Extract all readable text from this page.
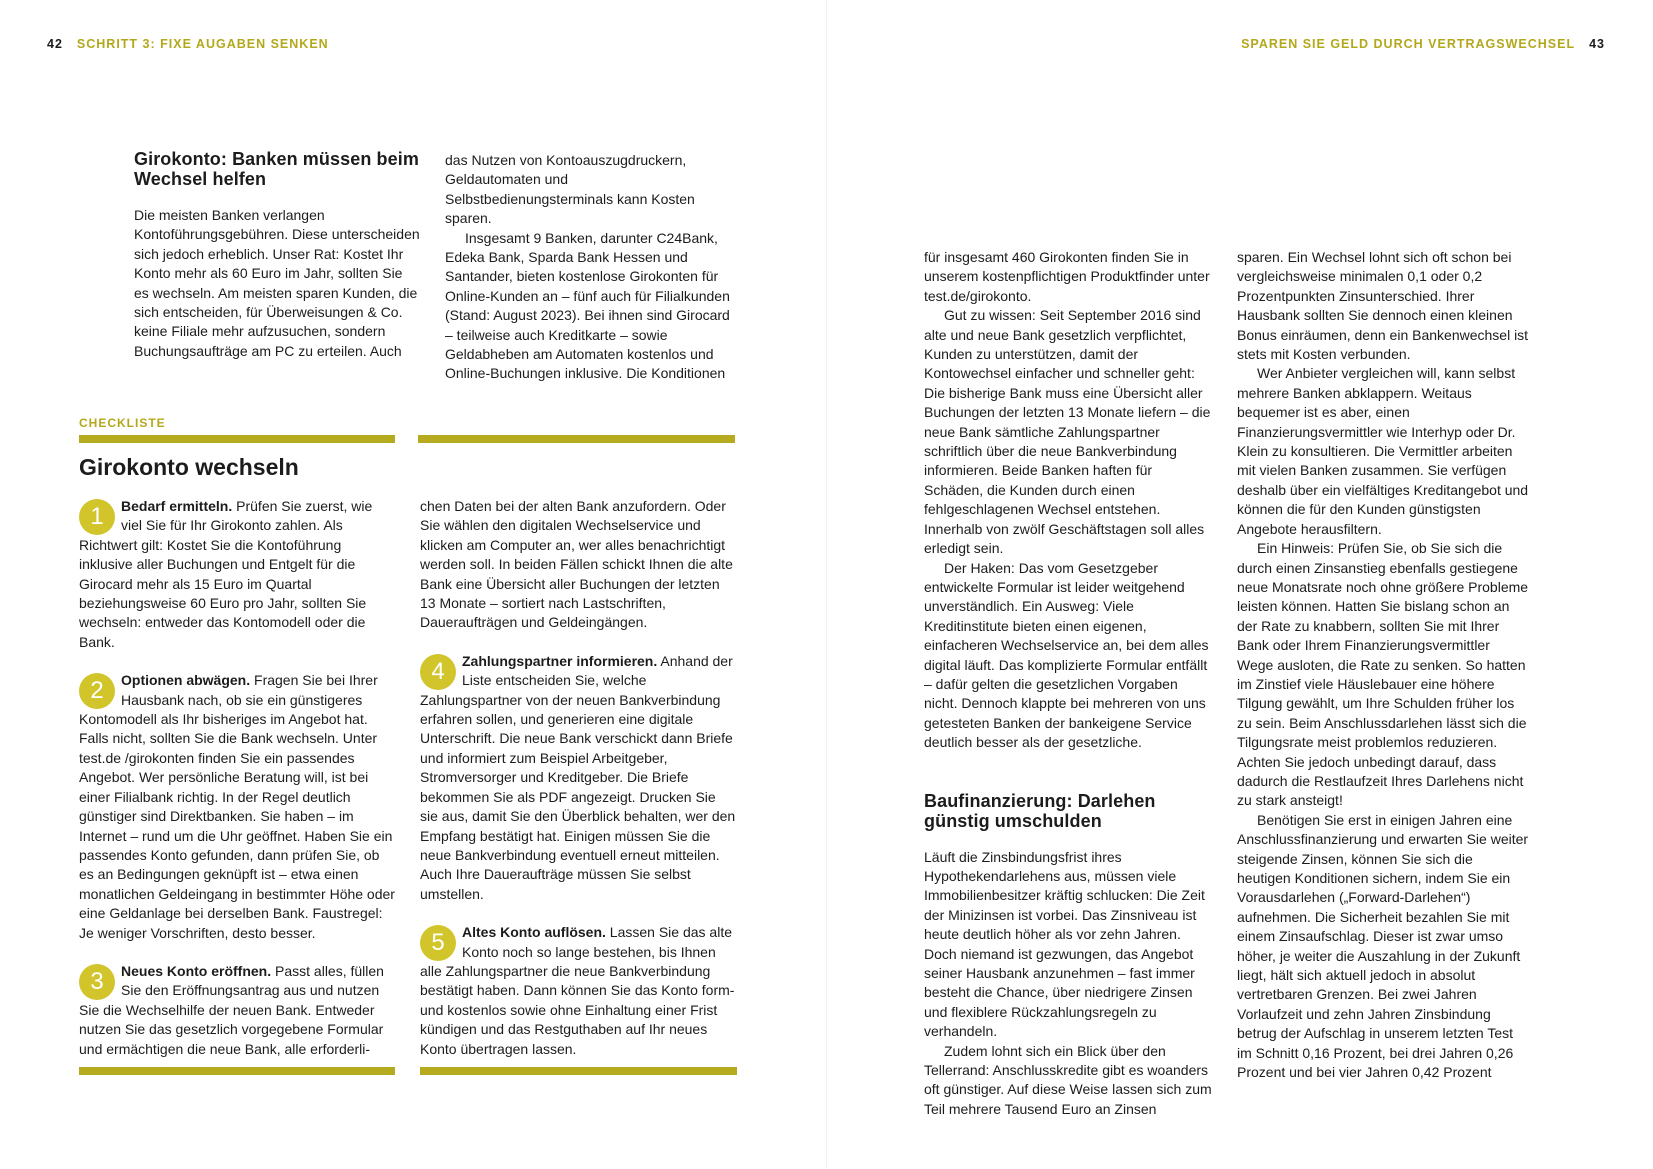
42 SCHRITT 3: FIXE AUGABEN SENKEN
Girokonto: Banken müssen beim Wechsel helfen

Die meisten Banken verlangen Kontoführungsgebühren. Diese unterscheiden sich jedoch erheblich. Unser Rat: Kostet Ihr Konto mehr als 60 Euro im Jahr, sollten Sie es wechseln. Am meisten sparen Kunden, die sich entscheiden, für Überweisungen & Co. keine Filiale mehr aufzusuchen, sondern Buchungsaufträge am PC zu erteilen. Auch

das Nutzen von Kontoauszugdruckern, Geldautomaten und Selbstbedienungsterminals kann Kosten sparen.

Insgesamt 9 Banken, darunter C24Bank, Edeka Bank, Sparda Bank Hessen und Santander, bieten kostenlose Girokonten für Online-Kunden an – fünf auch für Filialkunden (Stand: August 2023). Bei ihnen sind Girocard – teilweise auch Kreditkarte – sowie Geldabheben am Automaten kostenlos und Online-Buchungen inklusive. Die Konditionen

CHECKLISTE
Girokonto wechseln
1	Bedarf ermitteln. Prüfen Sie zuerst, wie viel Sie für Ihr Girokonto zahlen. Als Richtwert gilt: Kostet Sie die Kontoführung inklusive aller Buchungen und Entgelt für die Girocard mehr als 15 Euro im Quartal beziehungsweise 60 Euro pro Jahr, sollten Sie wechseln: entweder das Kontomodell oder die Bank.
2	Optionen abwägen. Fragen Sie bei Ihrer Hausbank nach, ob sie ein günstigeres Kontomodell als Ihr bisheriges im Angebot hat. Falls nicht, sollten Sie die Bank wechseln. Unter test.de /girokonten finden Sie ein passendes Angebot. Wer persönliche Beratung will, ist bei einer Filialbank richtig. In der Regel deutlich günstiger sind Direktbanken. Sie haben – im Internet – rund um die Uhr geöffnet. Haben Sie ein passendes Konto gefunden, dann prüfen Sie, ob es an Bedingungen geknüpft ist – etwa einen monatlichen Geldeingang in bestimmter Höhe oder eine Geldanlage bei derselben Bank. Faustregel: Je weniger Vorschriften, desto besser.
3	Neues Konto eröffnen. Passt alles, füllen Sie den Eröffnungsantrag aus und nutzen Sie die Wechselhilfe der neuen Bank. Entweder nutzen Sie das gesetzlich vorgegebene Formular und ermächtigen die neue Bank, alle erforderli-

chen Daten bei der alten Bank anzufordern. Oder Sie wählen den digitalen Wechselservice und klicken am Computer an, wer alles benachrichtigt werden soll. In beiden Fällen schickt Ihnen die alte Bank eine Übersicht aller Buchungen der letzten 13 Monate – sortiert nach Lastschriften, Daueraufträgen und Geldeingängen.

4	Zahlungspartner informieren. Anhand der Liste entscheiden Sie, welche Zahlungspartner von der neuen Bankverbindung erfahren sollen, und generieren eine digitale Unterschrift. Die neue Bank verschickt dann Briefe und informiert zum Beispiel Arbeitgeber, Stromversorger und Kreditgeber. Die Briefe bekommen Sie als PDF angezeigt. Drucken Sie sie aus, damit Sie den Überblick behalten, wer den Empfang bestätigt hat. Einigen müssen Sie die neue Bankverbindung eventuell erneut mitteilen. Auch Ihre Daueraufträge müssen Sie selbst umstellen.
5	Altes Konto auflösen. Lassen Sie das alte Konto noch so lange bestehen, bis Ihnen alle Zahlungspartner die neue Bankverbindung bestätigt haben. Dann können Sie das Konto form- und kostenlos sowie ohne Einhaltung einer Frist kündigen und das Restguthaben auf Ihr neues Konto übertragen lassen.
SPAREN SIE GELD DURCH VERTRAGSWECHSEL 43

für insgesamt 460 Girokonten finden Sie in unserem kostenpflichtigen Produktfinder unter test.de/girokonto.

Gut zu wissen: Seit September 2016 sind alte und neue Bank gesetzlich verpflichtet, Kunden zu unterstützen, damit der Kontowechsel einfacher und schneller geht: Die bisherige Bank muss eine Übersicht aller Buchungen der letzten 13 Monate liefern – die neue Bank sämtliche Zahlungspartner schriftlich über die neue Bankverbindung informieren. Beide Banken haften für Schäden, die Kunden durch einen fehlgeschlagenen Wechsel entstehen. Innerhalb von zwölf Geschäftstagen soll alles erledigt sein.

Der Haken: Das vom Gesetzgeber entwickelte Formular ist leider weitgehend unverständlich. Ein Ausweg: Viele Kreditinstitute bieten einen eigenen, einfacheren Wechselservice an, bei dem alles digital läuft. Das komplizierte Formular entfällt – dafür gelten die gesetzlichen Vorgaben nicht. Dennoch klappte bei mehreren von uns getesteten Banken der bankeigene Service deutlich besser als der gesetzliche.

Baufinanzierung: Darlehen günstig umschulden

Läuft die Zinsbindungsfrist ihres Hypothekendarlehens aus, müssen viele Immobilienbesitzer kräftig schlucken: Die Zeit der Minizinsen ist vorbei. Das Zinsniveau ist heute deutlich höher als vor zehn Jahren. Doch niemand ist gezwungen, das Angebot seiner Hausbank anzunehmen – fast immer besteht die Chance, über niedrigere Zinsen und flexiblere Rückzahlungsregeln zu verhandeln.

Zudem lohnt sich ein Blick über den Tellerrand: Anschlusskredite gibt es woanders oft günstiger. Auf diese Weise lassen sich zum Teil mehrere Tausend Euro an Zinsen

sparen. Ein Wechsel lohnt sich oft schon bei vergleichsweise minimalen 0,1 oder 0,2 Prozentpunkten Zinsunterschied. Ihrer Hausbank sollten Sie dennoch einen kleinen Bonus einräumen, denn ein Bankenwechsel ist stets mit Kosten verbunden.

Wer Anbieter vergleichen will, kann selbst mehrere Banken abklappern. Weitaus bequemer ist es aber, einen Finanzierungsvermittler wie Interhyp oder Dr. Klein zu konsultieren. Die Vermittler arbeiten mit vielen Banken zusammen. Sie verfügen deshalb über ein vielfältiges Kreditangebot und können die für den Kunden günstigsten Angebote herausfiltern.

Ein Hinweis: Prüfen Sie, ob Sie sich die durch einen Zinsanstieg ebenfalls gestiegene neue Monatsrate noch ohne größere Probleme leisten können. Hatten Sie bislang schon an der Rate zu knabbern, sollten Sie mit Ihrer Bank oder Ihrem Finanzierungsvermittler Wege ausloten, die Rate zu senken. So hatten im Zinstief viele Häuslebauer eine höhere Tilgung gewählt, um Ihre Schulden früher los zu sein. Beim Anschlussdarlehen lässt sich die Tilgungsrate meist problemlos reduzieren. Achten Sie jedoch unbedingt darauf, dass dadurch die Restlaufzeit Ihres Darlehens nicht zu stark ansteigt!

Benötigen Sie erst in einigen Jahren eine Anschlussfinanzierung und erwarten Sie weiter steigende Zinsen, können Sie sich die heutigen Konditionen sichern, indem Sie ein Vorausdarlehen („Forward-Darlehen“) aufnehmen. Die Sicherheit bezahlen Sie mit einem Zinsaufschlag. Dieser ist zwar umso höher, je weiter die Auszahlung in der Zukunft liegt, hält sich aktuell jedoch in absolut vertretbaren Grenzen. Bei zwei Jahren Vorlaufzeit und zehn Jahren Zinsbindung betrug der Aufschlag in unserem letzten Test im Schnitt 0,16 Prozent, bei drei Jahren 0,26 Prozent und bei vier Jahren 0,42 Prozent
